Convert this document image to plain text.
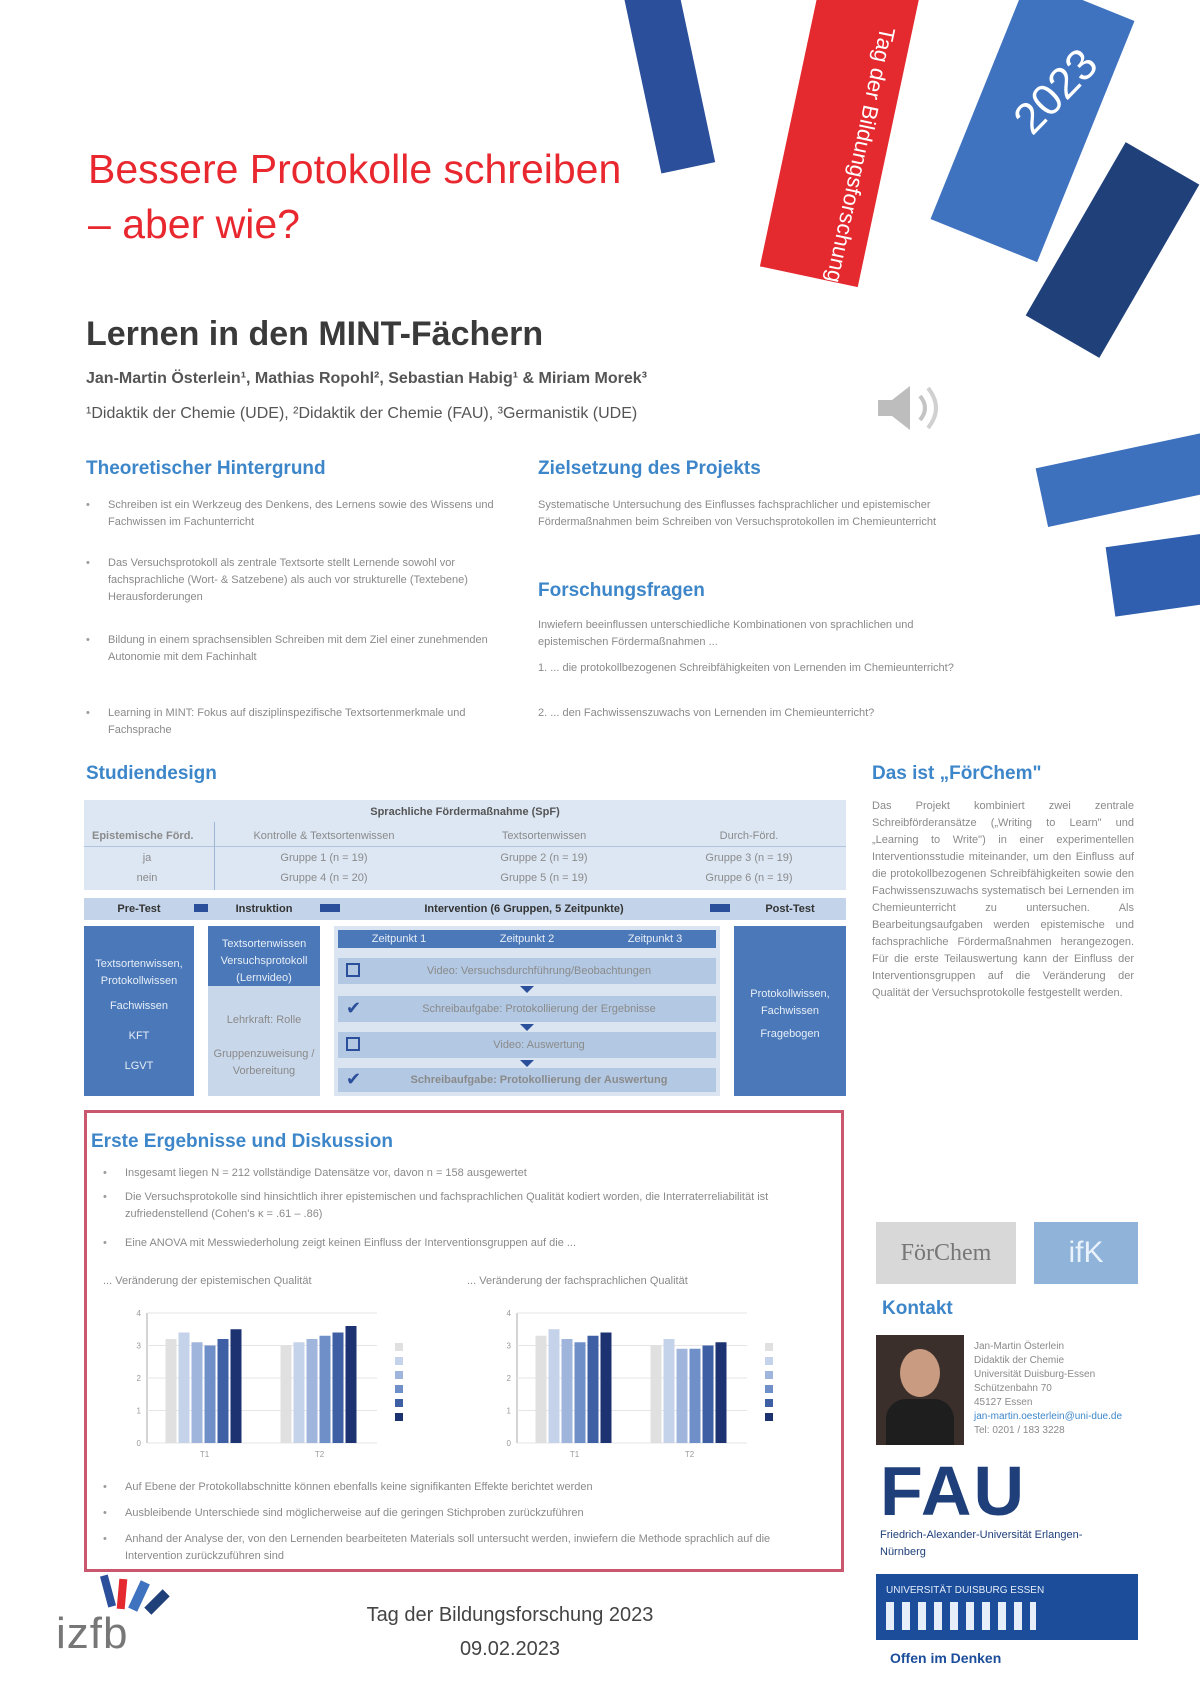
Tag der Bildungsforschung 2023
Bessere Protokolle schreiben
– aber wie?
Lernen in den MINT-Fächern
Jan-Martin Österlein¹, Mathias Ropohl², Sebastian Habig¹ & Miriam Morek³
¹Didaktik der Chemie (UDE), ²Didaktik der Chemie (FAU), ³Germanistik (UDE)
Theoretischer Hintergrund
• Schreiben ist ein Werkzeug des Denkens, des Lernens sowie des Wissens und Fachwissen im Fachunterricht
• Das Versuchsprotokoll als zentrale Textsorte stellt Lernende sowohl vor fachsprachliche (Wort- & Satzebene) als auch vor strukturelle (Textebene) Herausforderungen
• Bildung in einem sprachsensiblen Schreiben mit dem Ziel einer zunehmenden Autonomie mit dem Fachinhalt
• Learning in MINT: Fokus auf disziplinspezifische Textsortenmerkmale und Fachsprache
Zielsetzung des Projekts
Systematische Untersuchung des Einflusses fachsprachlicher und epistemischer Fördermaßnahmen beim Schreiben von Versuchsprotokollen im Chemieunterricht
Forschungsfragen
Inwiefern beeinflussen unterschiedliche Kombinationen von sprachlichen und epistemischen Fördermaßnahmen ...
1. ... die protokollbezogenen Schreibfähigkeiten von Lernenden im Chemieunterricht?
2. ... den Fachwissenszuwachs von Lernenden im Chemieunterricht?
Studiendesign
Sprachliche Fördermaßnahme (SpF)
Epistemische Förd.	Kontrolle & Textsortenwissen	Textsortenwissen	Durch-Förd.
ja	Gruppe 1 (n = 19)	Gruppe 2 (n = 19)	Gruppe 3 (n = 19)
nein	Gruppe 4 (n = 20)	Gruppe 5 (n = 19)	Gruppe 6 (n = 19)
Pre-Test	Instruktion	Intervention (6 Gruppen, 5 Zeitpunkte)	Post-Test
Textsortenwissen, Protokollwissen
Fachwissen
KFT
LGVT
Textsortenwissen Versuchsprotokoll (Lernvideo)
Lehrkraft: Rolle
Gruppenzuweisung / Vorbereitung
Zeitpunkt 1	Zeitpunkt 2	Zeitpunkt 3
Video: Versuchsdurchführung/Beobachtungen
✔	Schreibaufgabe: Protokollierung der Ergebnisse
Video: Auswertung
✔	Schreibaufgabe: Protokollierung der Auswertung
Protokollwissen, Fachwissen
Fragebogen
Das ist „FörChem"
Das Projekt kombiniert zwei zentrale Schreibförderansätze („Writing to Learn" und „Learning to Write") in einer experimentellen Interventionsstudie miteinander, um den Einfluss auf die protokollbezogenen Schreibfähigkeiten sowie den Fachwissenszuwachs systematisch bei Lernenden im Chemieunterricht zu untersuchen. Als Bearbeitungsaufgaben werden epistemische und fachsprachliche Fördermaßnahmen herangezogen. Für die erste Teilauswertung kann der Einfluss der Interventionsgruppen auf die Veränderung der Qualität der Versuchsprotokolle festgestellt werden.
Erste Ergebnisse und Diskussion
• Insgesamt liegen N = 212 vollständige Datensätze vor, davon n = 158 ausgewertet
• Die Versuchsprotokolle sind hinsichtlich ihrer epistemischen und fachsprachlichen Qualität kodiert worden, die Interraterreliabilität ist zufriedenstellend (Cohen's κ = .61 – .86)
• Eine ANOVA mit Messwiederholung zeigt keinen Einfluss der Interventionsgruppen auf die ...
... Veränderung der epistemischen Qualität	... Veränderung der fachsprachlichen Qualität
0
1
2
3
4
T1	T2
0
1
2
3
4
T1	T2
• Auf Ebene der Protokollabschnitte können ebenfalls keine signifikanten Effekte berichtet werden
• Ausbleibende Unterschiede sind möglicherweise auf die geringen Stichproben zurückzuführen
• Anhand der Analyse der, von den Lernenden bearbeiteten Materials soll untersucht werden, inwiefern die Methode sprachlich auf die Intervention zurückzuführen sind
FörChem	ifK
Kontakt
Jan-Martin Österlein
Didaktik der Chemie
Universität Duisburg-Essen
Schützenbahn 70
45127 Essen
jan-martin.oesterlein@uni-due.de
Tel: 0201 / 183 3228
FAU
Friedrich-Alexander-Universität Erlangen-Nürnberg
UNIVERSITÄT DUISBURG ESSEN
Offen im Denken
izfb	Tag der Bildungsforschung 2023
09.02.2023
